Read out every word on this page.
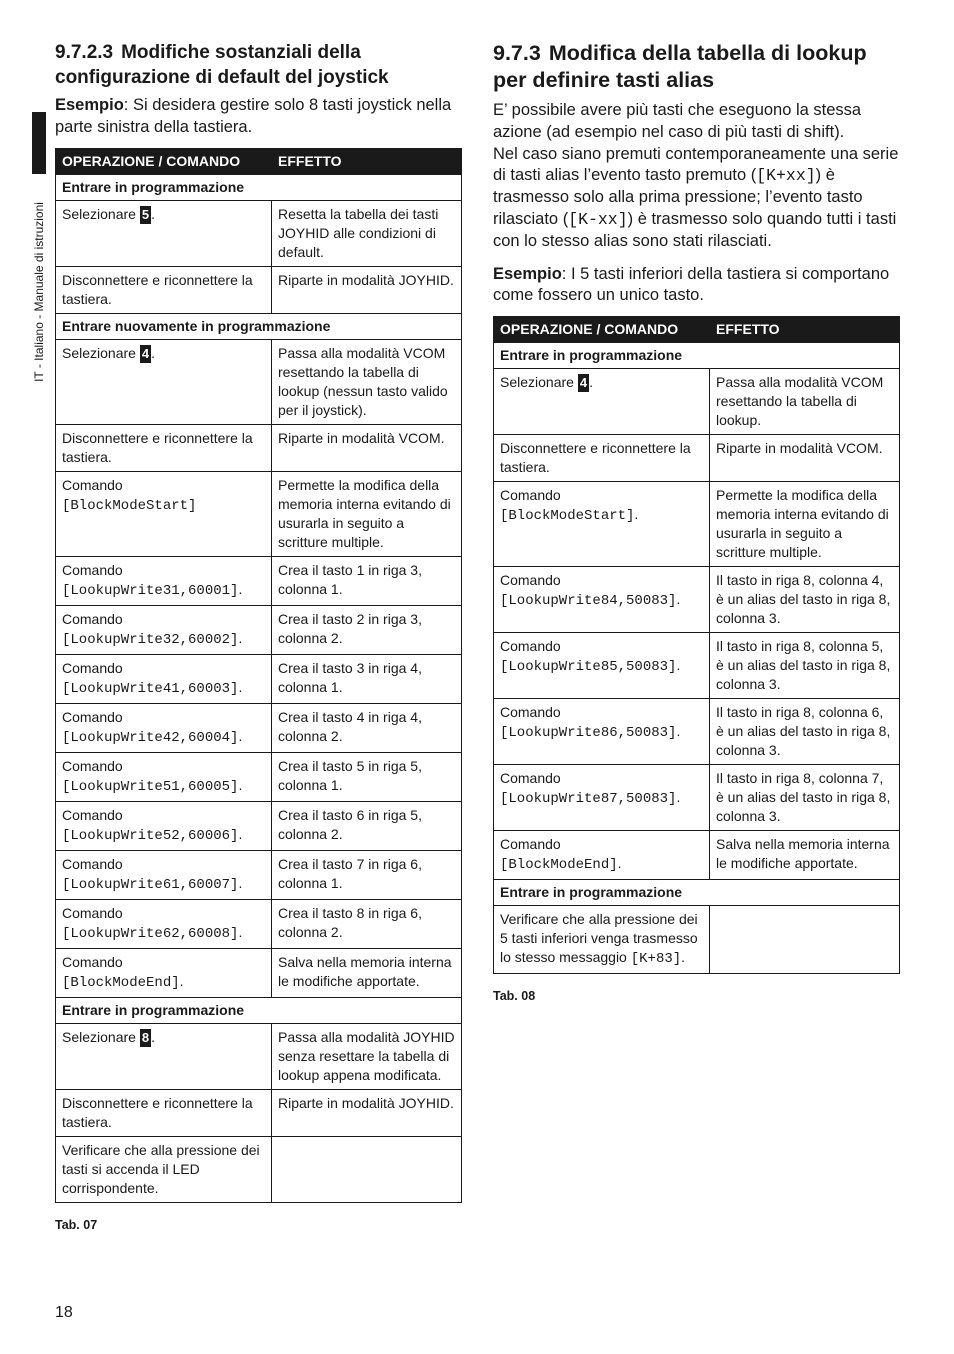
IT - Italiano - Manuale di istruzioni
9.7.2.3 Modifiche sostanziali della configurazione di default del joystick

Esempio: Si desidera gestire solo 8 tasti joystick nella parte sinistra della tastiera.

OPERAZIONE / COMANDO	EFFETTO
Entrare in programmazione	
Selezionare 5 .	Resetta la tabella dei tasti JOYHID alle condizioni di default.
Disconnettere e riconnettere la tastiera.	Riparte in modalità JOYHID.
Entrare nuovamente in programmazione	
Selezionare 4 .	Passa alla modalità VCOM resettando la tabella di lookup (nessun tasto valido per il joystick).
Disconnettere e riconnettere la tastiera.	Riparte in modalità VCOM.
Comando
[BlockModeStart]	Permette la modifica della memoria interna evitando di usurarla in seguito a scritture multiple.
Comando
[LookupWrite31,60001].	Crea il tasto 1 in riga 3, colonna 1.
Comando
[LookupWrite32,60002].	Crea il tasto 2 in riga 3, colonna 2.
Comando
[LookupWrite41,60003].	Crea il tasto 3 in riga 4, colonna 1.
Comando
[LookupWrite42,60004].	Crea il tasto 4 in riga 4, colonna 2.
Comando
[LookupWrite51,60005].	Crea il tasto 5 in riga 5, colonna 1.
Comando
[LookupWrite52,60006].	Crea il tasto 6 in riga 5, colonna 2.
Comando
[LookupWrite61,60007].	Crea il tasto 7 in riga 6, colonna 1.
Comando
[LookupWrite62,60008].	Crea il tasto 8 in riga 6, colonna 2.
Comando
[BlockModeEnd].	Salva nella memoria interna le modifiche apportate.
Entrare in programmazione	
Selezionare 8 .	Passa alla modalità JOYHID senza resettare la tabella di lookup appena modificata.
Disconnettere e riconnettere la tastiera.	Riparte in modalità JOYHID.
Verificare che alla pressione dei tasti si accenda il LED corrispondente.	
Tab. 07
9.7.3 Modifica della tabella di lookup per definire tasti alias

E’ possibile avere più tasti che eseguono la stessa azione (ad esempio nel caso di più tasti di shift).

Nel caso siano premuti contemporaneamente una serie di tasti alias l’evento tasto premuto ([K+xx]) è trasmesso solo alla prima pressione; l’evento tasto rilasciato ([K-xx]) è trasmesso solo quando tutti i tasti con lo stesso alias sono stati rilasciati.

Esempio: I 5 tasti inferiori della tastiera si comportano come fossero un unico tasto.

OPERAZIONE / COMANDO	EFFETTO
Entrare in programmazione	
Selezionare 4 .	Passa alla modalità VCOM resettando la tabella di lookup.
Disconnettere e riconnettere la tastiera.	Riparte in modalità VCOM.
Comando
[BlockModeStart].	Permette la modifica della memoria interna evitando di usurarla in seguito a scritture multiple.
Comando
[LookupWrite84,50083].	Il tasto in riga 8, colonna 4, è un alias del tasto in riga 8, colonna 3.
Comando
[LookupWrite85,50083].	Il tasto in riga 8, colonna 5, è un alias del tasto in riga 8, colonna 3.
Comando
[LookupWrite86,50083].	Il tasto in riga 8, colonna 6, è un alias del tasto in riga 8, colonna 3.
Comando
[LookupWrite87,50083].	Il tasto in riga 8, colonna 7, è un alias del tasto in riga 8, colonna 3.
Comando
[BlockModeEnd].	Salva nella memoria interna le modifiche apportate.
Entrare in programmazione	
Verificare che alla pressione dei 5 tasti inferiori venga trasmesso lo stesso messaggio [K+83].	
Tab. 08
18
